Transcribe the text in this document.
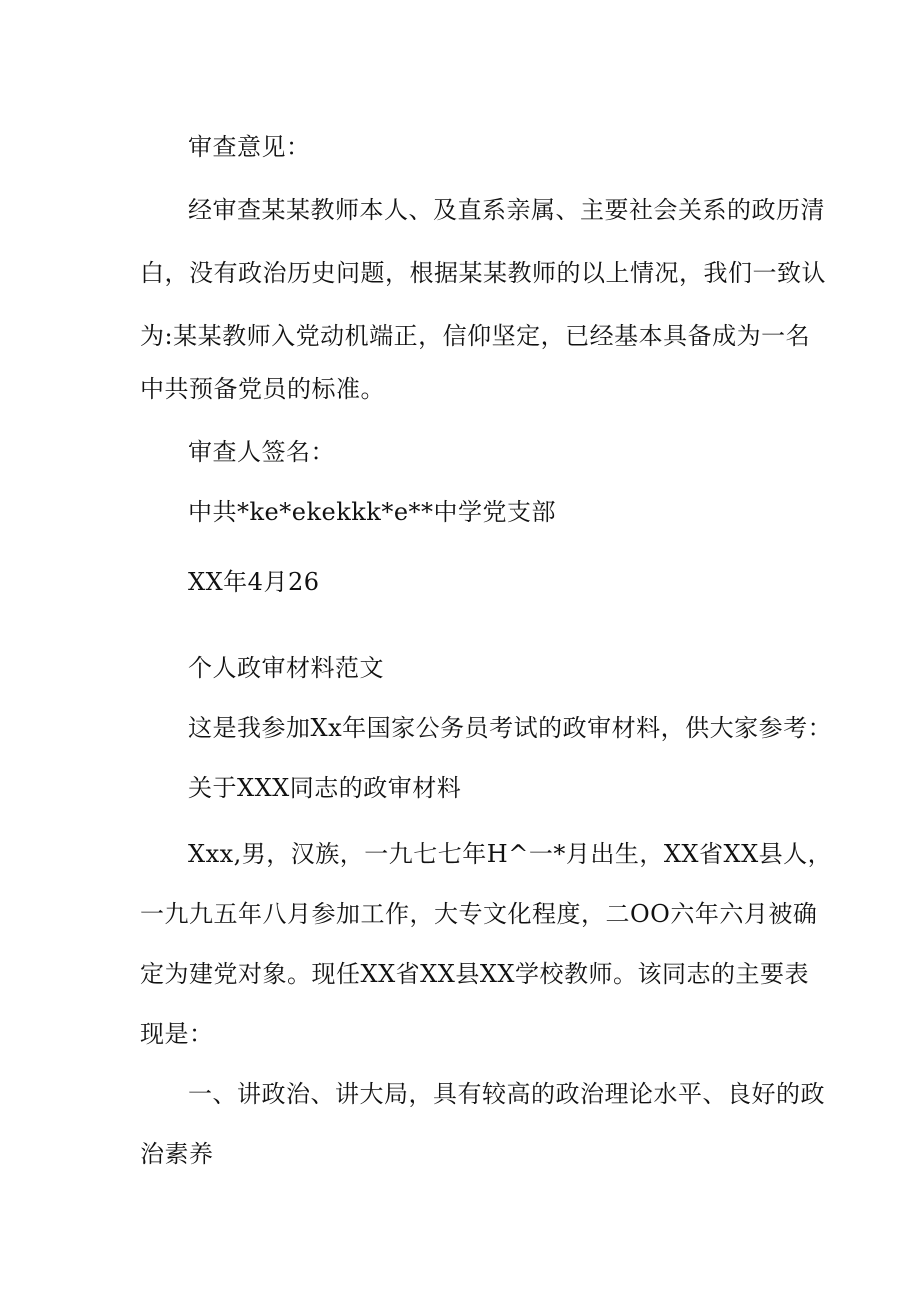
审查意见：
经审查某某教师本人、及直系亲属、主要社会关系的政历清
白，没有政治历史问题，根据某某教师的以上情况，我们一致认
为:某某教师入党动机端正，信仰坚定，已经基本具备成为一名
中共预备党员的标准。
审查人签名：
中共*ke*ekekkk*e**中学党支部
XX年4月26
个人政审材料范文
这是我参加Xx年国家公务员考试的政审材料，供大家参考：
关于XXX同志的政审材料
Xxx,男，汉族，一九七七年H^一*月出生，XX省XX县人，
一九九五年八月参加工作，大专文化程度，二OO六年六月被确
定为建党对象。现任XX省XX县XX学校教师。该同志的主要表
现是：
一、讲政治、讲大局，具有较高的政治理论水平、良好的政
治素养
